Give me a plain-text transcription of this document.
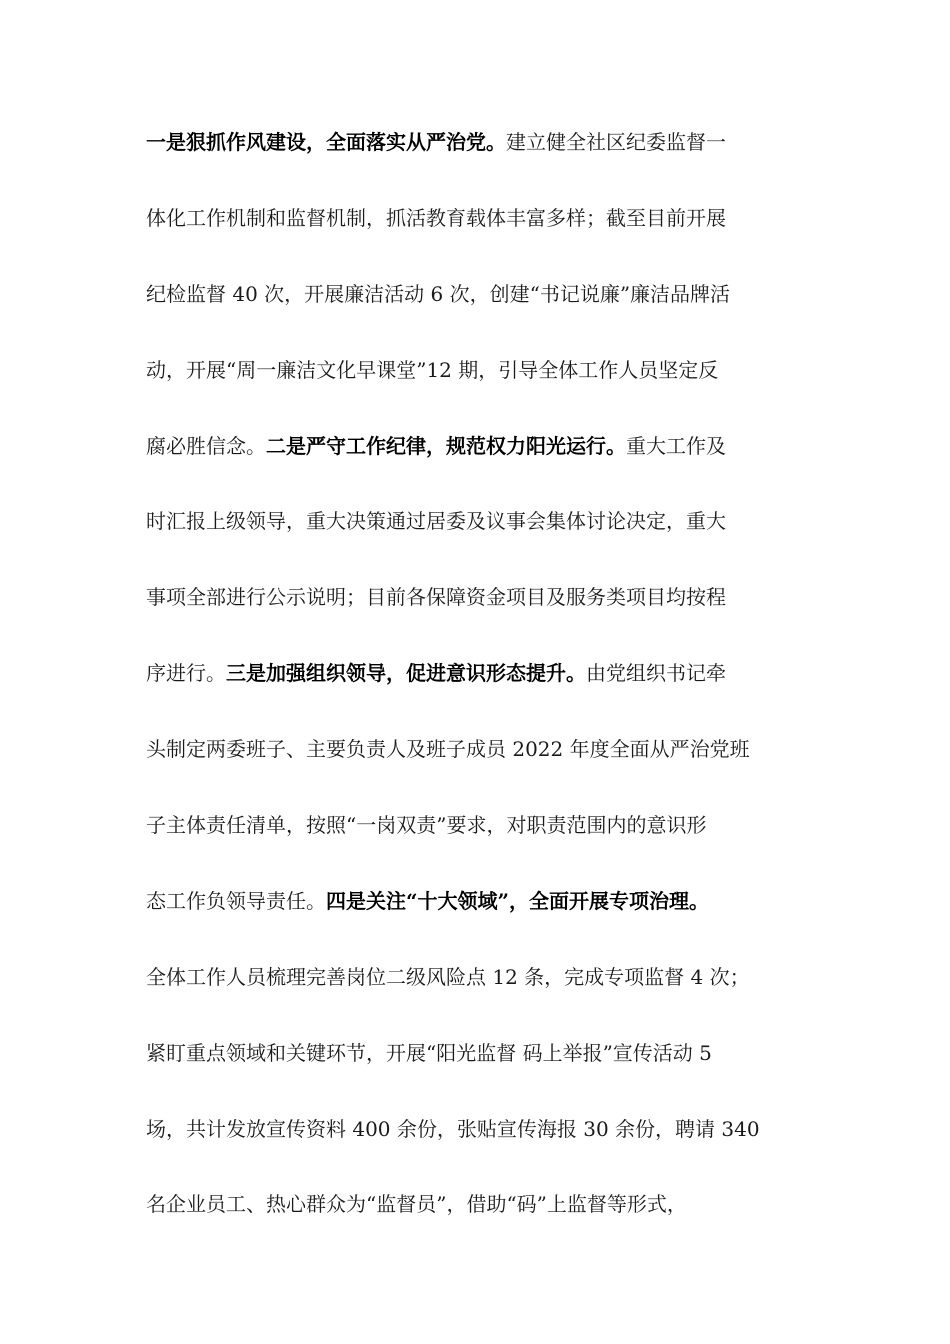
一是狠抓作风建设，全面落实从严治党。建立健全社区纪委监督一
体化工作机制和监督机制，抓活教育载体丰富多样；截至目前开展
纪检监督 40 次，开展廉洁活动 6 次，创建“书记说廉”廉洁品牌活
动，开展“周一廉洁文化早课堂”12 期，引导全体工作人员坚定反
腐必胜信念。二是严守工作纪律，规范权力阳光运行。重大工作及
时汇报上级领导，重大决策通过居委及议事会集体讨论决定，重大
事项全部进行公示说明；目前各保障资金项目及服务类项目均按程
序进行。三是加强组织领导，促进意识形态提升。由党组织书记牵
头制定两委班子、主要负责人及班子成员 2022 年度全面从严治党班
子主体责任清单，按照“一岗双责”要求，对职责范围内的意识形
态工作负领导责任。四是关注“十大领域”，全面开展专项治理。
全体工作人员梳理完善岗位二级风险点 12 条，完成专项监督 4 次；
紧盯重点领域和关键环节，开展“阳光监督 码上举报”宣传活动 5
场，共计发放宣传资料 400 余份，张贴宣传海报 30 余份，聘请 340
名企业员工、热心群众为“监督员”，借助“码”上监督等形式，
